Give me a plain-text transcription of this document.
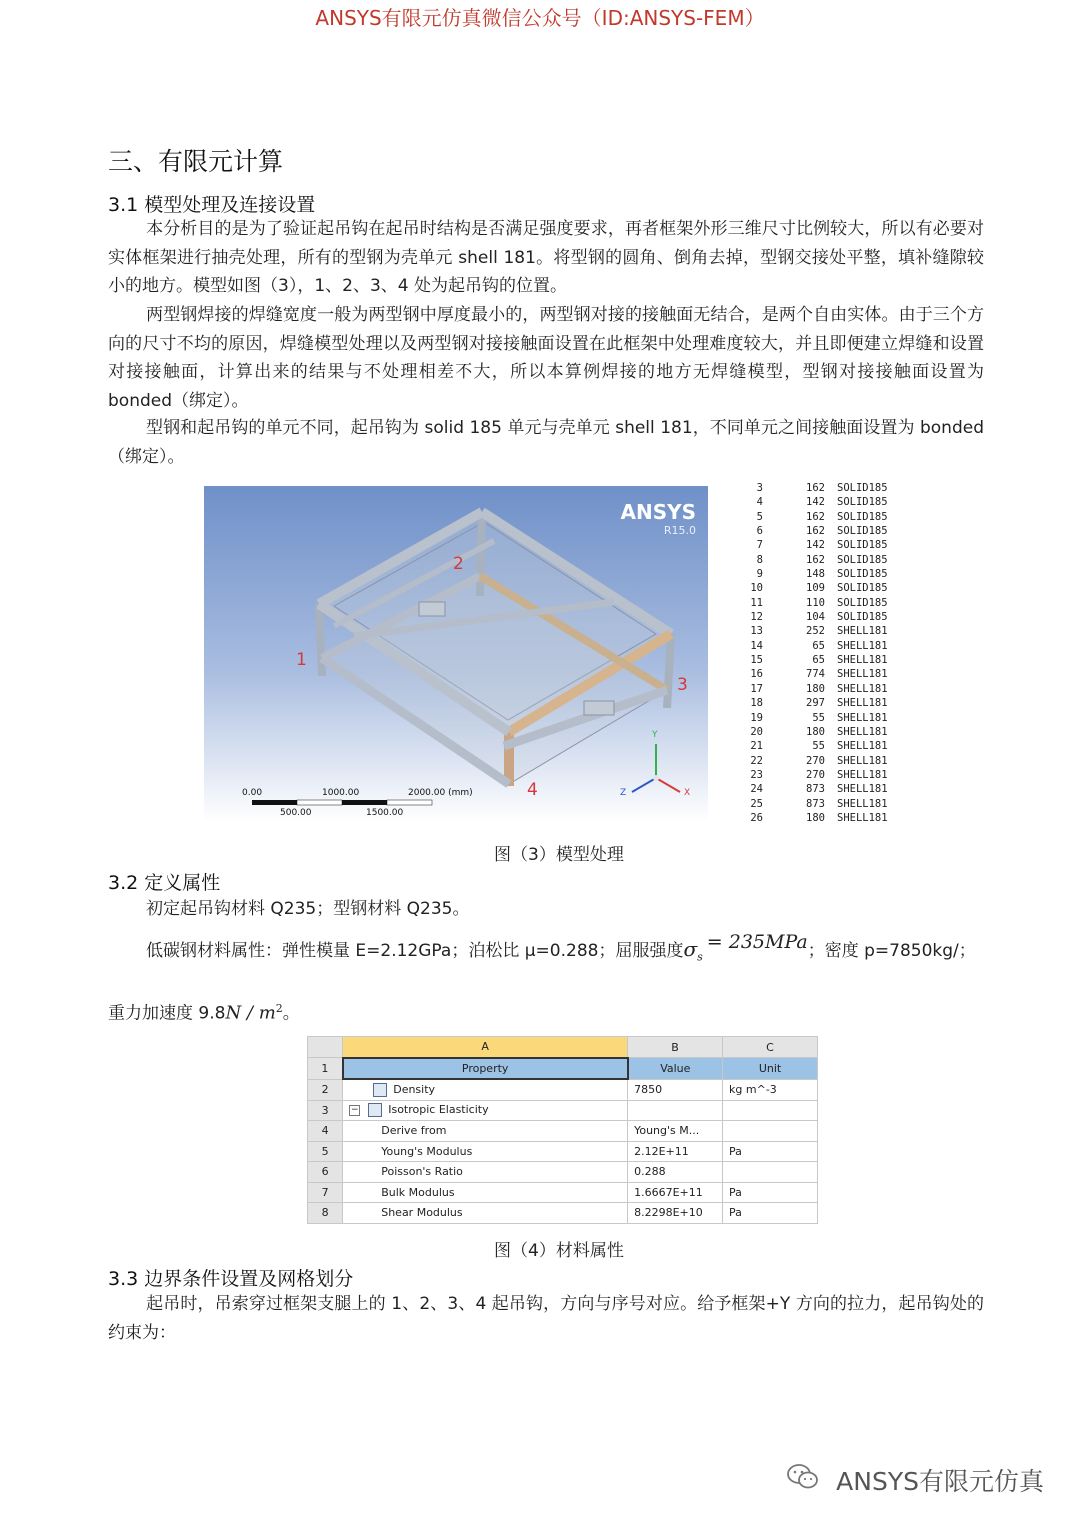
ANSYS有限元仿真微信公众号（ID:ANSYS-FEM）
三、有限元计算
3.1 模型处理及连接设置
本分析目的是为了验证起吊钩在起吊时结构是否满足强度要求，再者框架外形三维尺寸比例较大，所以有必要对实体框架进行抽壳处理，所有的型钢为壳单元 shell 181。将型钢的圆角、倒角去掉，型钢交接处平整，填补缝隙较小的地方。模型如图（3），1、2、3、4 处为起吊钩的位置。
两型钢焊接的焊缝宽度一般为两型钢中厚度最小的，两型钢对接的接触面无结合，是两个自由实体。由于三个方向的尺寸不均的原因，焊缝模型处理以及两型钢对接接触面设置在此框架中处理难度较大，并且即便建立焊缝和设置对接接触面，计算出来的结果与不处理相差不大，所以本算例焊接的地方无焊缝模型，型钢对接接触面设置为 bonded（绑定）。
型钢和起吊钩的单元不同，起吊钩为 solid 185 单元与壳单元 shell 181，不同单元之间接触面设置为 bonded（绑定）。
ANSYS
R15.0
1
2
3
4
0.00	1000.00	2000.00 (mm)
500.00	1500.00
Y
X
Z
3	162	SOLID185
4	142	SOLID185
5	162	SOLID185
6	162	SOLID185
7	142	SOLID185
8	162	SOLID185
9	148	SOLID185
10	109	SOLID185
11	110	SOLID185
12	104	SOLID185
13	252	SHELL181
14	65	SHELL181
15	65	SHELL181
16	774	SHELL181
17	180	SHELL181
18	297	SHELL181
19	55	SHELL181
20	180	SHELL181
21	55	SHELL181
22	270	SHELL181
23	270	SHELL181
24	873	SHELL181
25	873	SHELL181
26	180	SHELL181
图（3）模型处理
3.2 定义属性
初定起吊钩材料 Q235；型钢材料 Q235。
低碳钢材料属性：弹性模量 E=2.12GPa；泊松比 μ=0.288；屈服强度$\sigma_s= 235MPa$；密度 p=7850kg/；
重力加速度 $9.8N / m^2$。
	A	B	C
1	Property	Value	Unit
2	Density	7850	kg m^-3
3	− Isotropic Elasticity		
4	Derive from	Young's M...	
5	Young's Modulus	2.12E+11	Pa
6	Poisson's Ratio	0.288	
7	Bulk Modulus	1.6667E+11	Pa
8	Shear Modulus	8.2298E+10	Pa
图（4）材料属性
3.3 边界条件设置及网格划分
起吊时，吊索穿过框架支腿上的 1、2、3、4 起吊钩，方向与序号对应。给予框架+Y 方向的拉力，起吊钩处的约束为：
ANSYS有限元仿真
